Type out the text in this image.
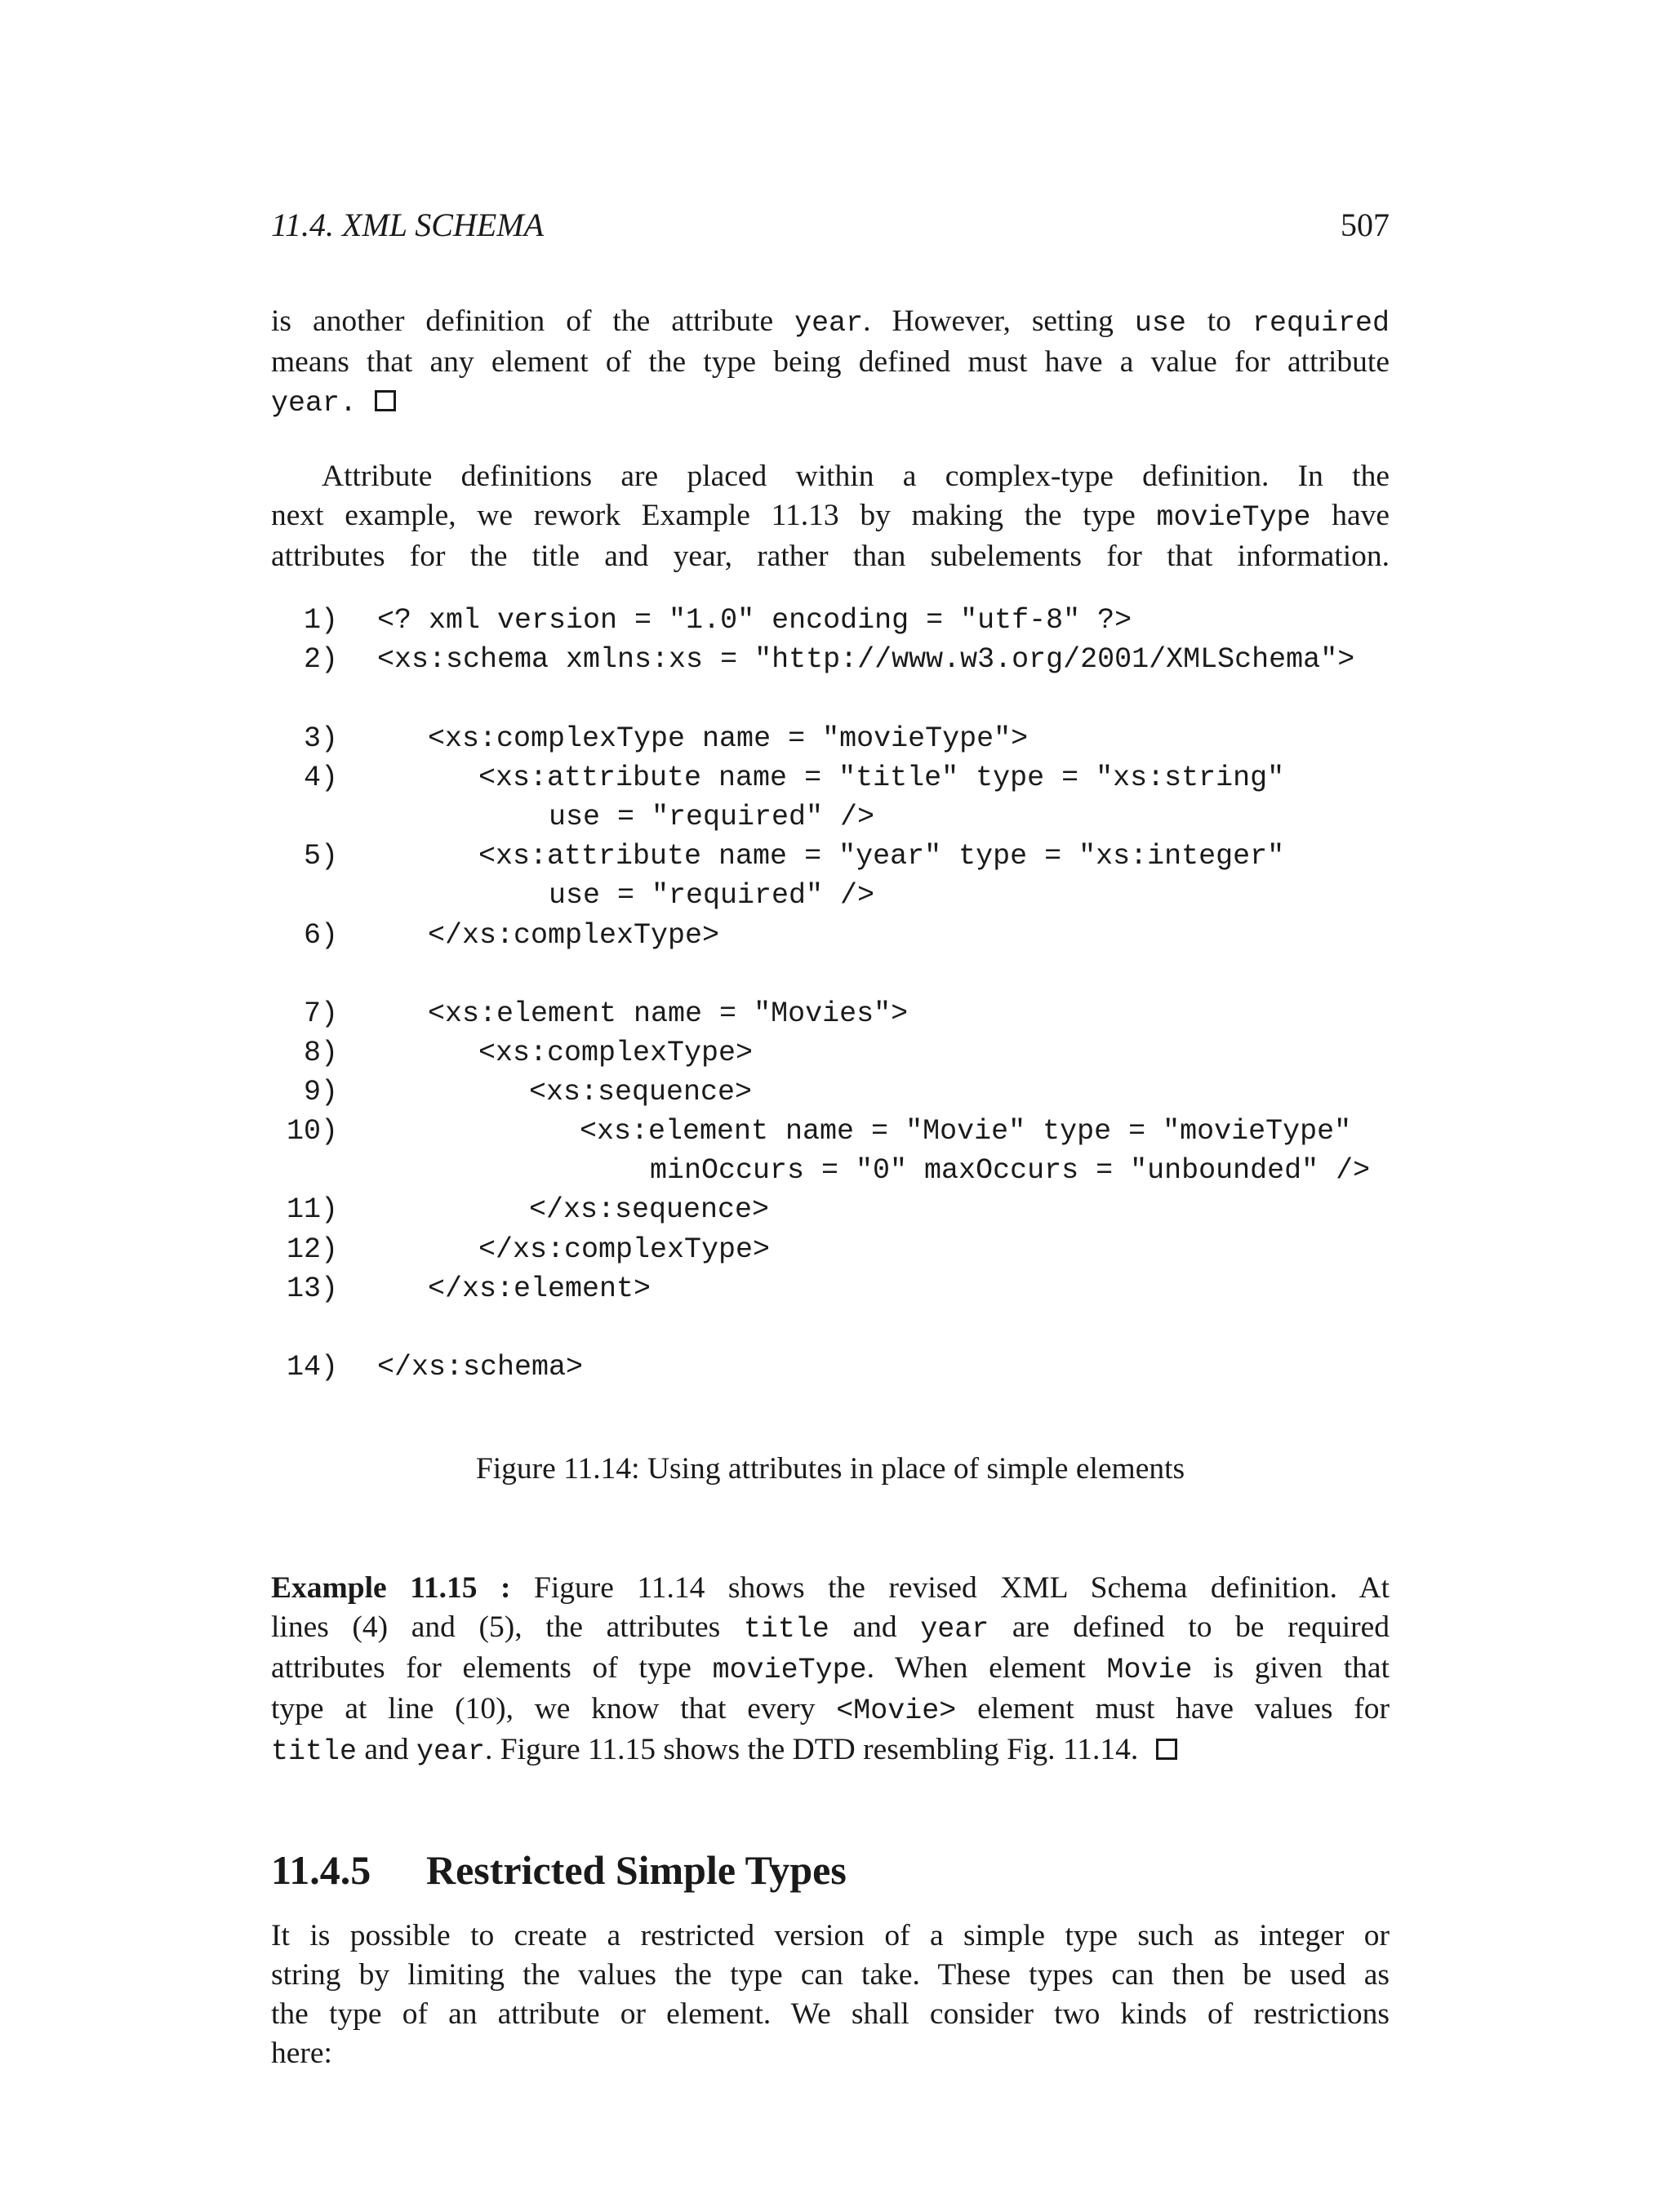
11.4. XML SCHEMA	507

is another definition of the attribute year. However, setting use to required
means that any element of the type being defined must have a value for attribute
year.

Attribute definitions are placed within a complex-type definition. In the
next example, we rework Example 11.13 by making the type movieType have
attributes for the title and year, rather than subelements for that information.

1) <? xml version = "1.0" encoding = "utf-8" ?>
2) <xs:schema xmlns:xs = "http://www.w3.org/2001/XMLSchema">
3)	<xs:complexType name = "movieType">
4)	<xs:attribute name = "title" type = "xs:string"
use = "required" />
5)	<xs:attribute name = "year" type = "xs:integer"
use = "required" />
6)	</xs:complexType>
7)	<xs:element name = "Movies">
8)	<xs:complexType>
9)	<xs:sequence>
10)	<xs:element name = "Movie" type = "movieType"
minOccurs = "0" maxOccurs = "unbounded" />
11)	</xs:sequence>
12)	</xs:complexType>
13)	</xs:element>
14) </xs:schema>
Figure 11.14: Using attributes in place of simple elements

Example 11.15 : Figure 11.14 shows the revised XML Schema definition. At
lines (4) and (5), the attributes title and year are defined to be required
attributes for elements of type movieType. When element Movie is given that
type at line (10), we know that every <Movie> element must have values for
title and year. Figure 11.15 shows the DTD resembling Fig. 11.14.

11.4.5 Restricted Simple Types

It is possible to create a restricted version of a simple type such as integer or
string by limiting the values the type can take. These types can then be used as
the type of an attribute or element. We shall consider two kinds of restrictions
here:
